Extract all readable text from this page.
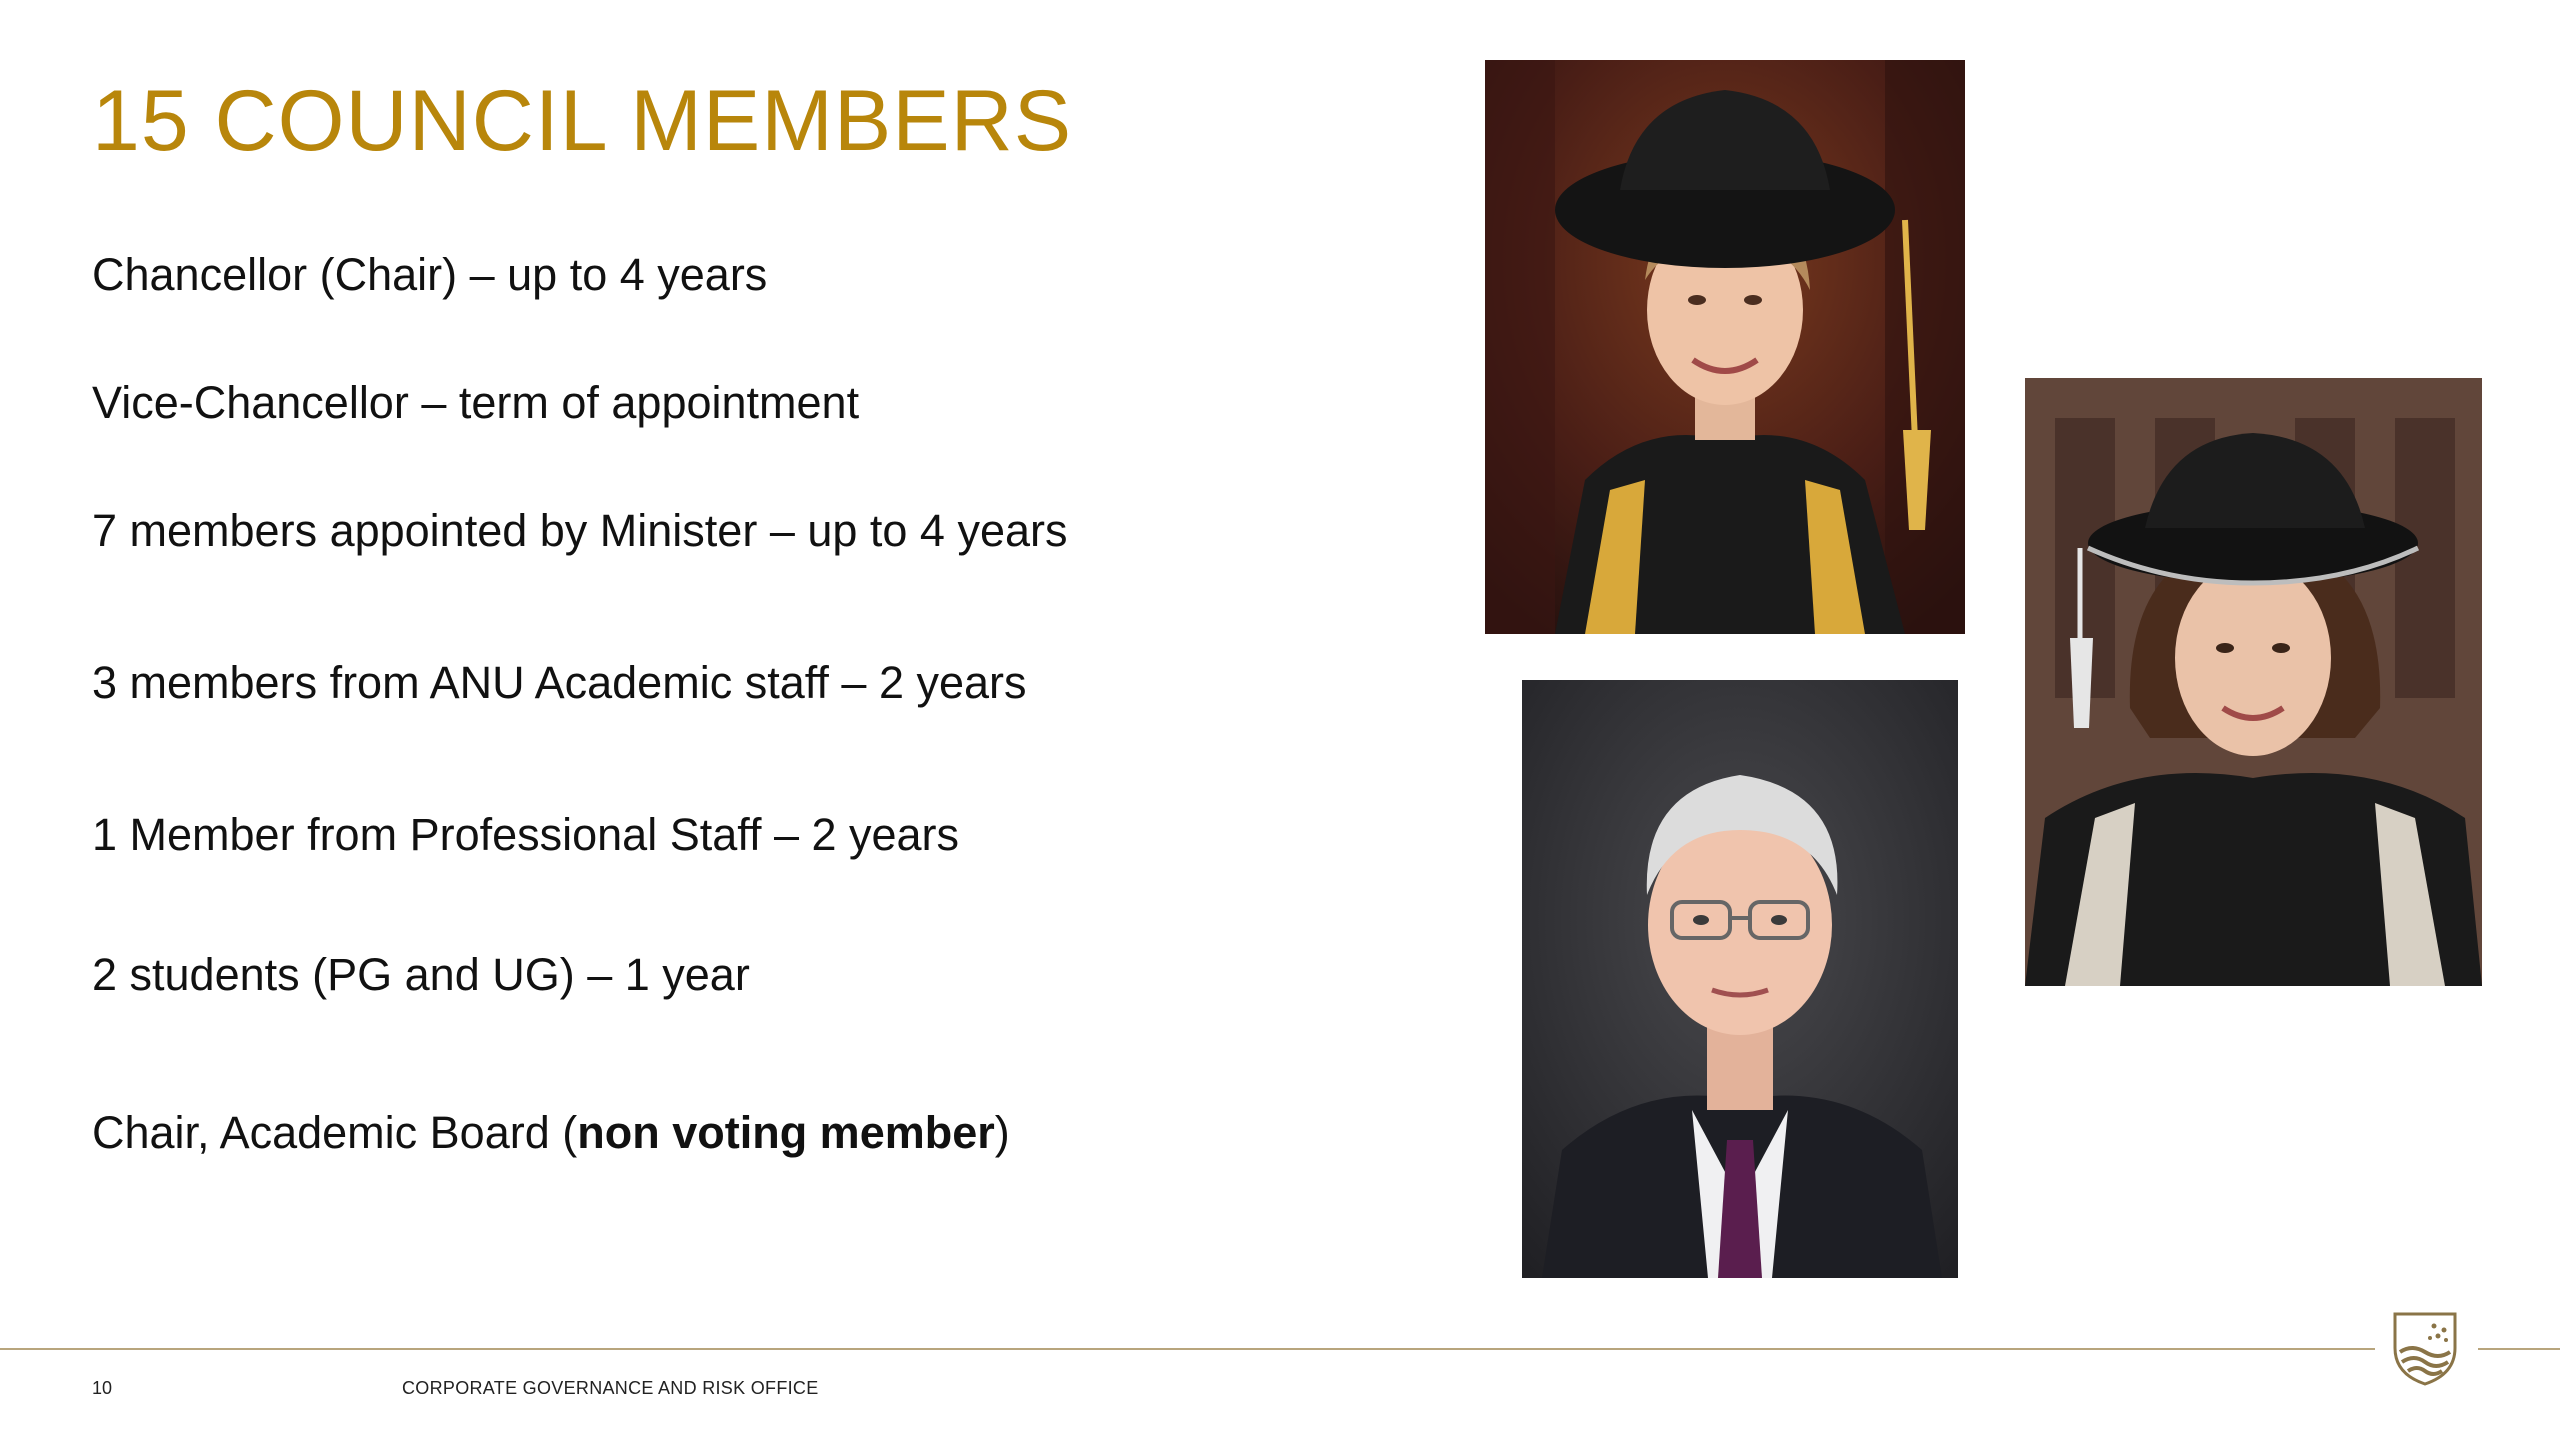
15 COUNCIL MEMBERS
Chancellor (Chair) – up to 4 years
Vice-Chancellor – term of appointment
7 members appointed by Minister – up to 4 years
3 members from ANU Academic staff – 2 years
1 Member from Professional Staff – 2 years
2 students (PG and UG) – 1 year
Chair, Academic Board (non voting member)
10	CORPORATE GOVERNANCE AND RISK OFFICE
